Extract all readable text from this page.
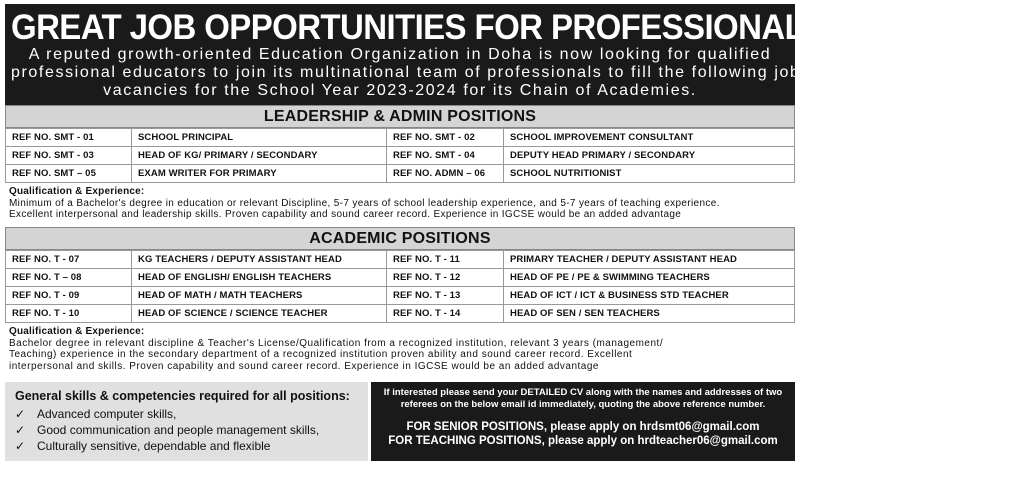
GREAT JOB OPPORTUNITIES FOR PROFESSIONAL EDUCATORS

A reputed growth-oriented Education Organization in Doha is now looking for qualified

professional educators to join its multinational team of professionals to fill the following job

vacancies for the School Year 2023-2024 for its Chain of Academies.

LEADERSHIP & ADMIN POSITIONS
REF NO. SMT - 01	SCHOOL PRINCIPAL	REF NO. SMT - 02	SCHOOL IMPROVEMENT CONSULTANT
REF NO. SMT - 03	HEAD OF KG/ PRIMARY / SECONDARY	REF NO. SMT - 04	DEPUTY HEAD PRIMARY / SECONDARY
REF NO. SMT – 05	EXAM WRITER FOR PRIMARY	REF NO. ADMN – 06	SCHOOL NUTRITIONIST
Qualification & Experience:
Minimum of a Bachelor's degree in education or relevant Discipline, 5-7 years of school leadership experience, and 5-7 years of teaching experience.
Excellent interpersonal and leadership skills. Proven capability and sound career record. Experience in IGCSE would be an added advantage
ACADEMIC POSITIONS
REF NO. T - 07	KG TEACHERS / DEPUTY ASSISTANT HEAD	REF NO. T - 11	PRIMARY TEACHER / DEPUTY ASSISTANT HEAD
REF NO. T – 08	HEAD OF ENGLISH/ ENGLISH TEACHERS	REF NO. T - 12	HEAD OF PE / PE & SWIMMING TEACHERS
REF NO. T - 09	HEAD OF MATH / MATH TEACHERS	REF NO. T - 13	HEAD OF ICT / ICT & BUSINESS STD TEACHER
REF NO. T - 10	HEAD OF SCIENCE / SCIENCE TEACHER	REF NO. T - 14	HEAD OF SEN / SEN TEACHERS
Qualification & Experience:
Bachelor degree in relevant discipline & Teacher's License/Qualification from a recognized institution, relevant 3 years (management/
Teaching) experience in the secondary department of a recognized institution proven ability and sound career record. Excellent
interpersonal and skills. Proven capability and sound career record. Experience in IGCSE would be an added advantage
General skills & competencies required for all positions:
✓ Advanced computer skills,
✓ Good communication and people management skills,
✓ Culturally sensitive, dependable and flexible
If interested please send your DETAILED CV along with the names and addresses of two
referees on the below email id immediately, quoting the above reference number.
FOR SENIOR POSITIONS, please apply on hrdsmt06@gmail.com
FOR TEACHING POSITIONS, please apply on hrdteacher06@gmail.com
